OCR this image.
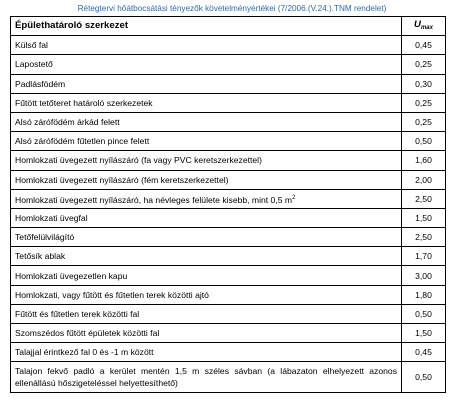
Rétegtervi hőátbocsátási tényezők követelményértékei (7/2006.(V.24.).TNM rendelet)
Épülethatároló szerkezet	$U_{max}$
Külső fal	0,45
Lapostető	0,25
Padlásfödém	0,30
Fűtött tetőteret határoló szerkezetek	0,25
Alsó zárófödém árkád felett	0,25
Alsó zárófödém fűtetlen pince felett	0,50
Homlokzati üvegezett nyílászáró (fa vagy PVC keretszerkezettel)	1,60
Homlokzati üvegezett nyílászáró (fém keretszerkezettel)	2,00
Homlokzati üvegezett nyílászáró, ha névleges felülete kisebb, mint 0,5 $m^2$	2,50
Homlokzati üvegfal	1,50
Tetőfelülvilágító	2,50
Tetősík ablak	1,70
Homlokzati üvegezetlen kapu	3,00
Homlokzati, vagy fűtött és fűtetlen terek közötti ajtó	1,80
Fűtött és fűtetlen terek közötti fal	0,50
Szomszédos fűtött épületek közötti fal	1,50
Talajjal érintkező fal 0 és -1 m között	0,45
Talajon fekvő padló a kerület mentén 1,5 m széles sávban (a lábazaton elhelyezett azonos ellenállású hőszigeteléssel helyettesíthető)	0,50
